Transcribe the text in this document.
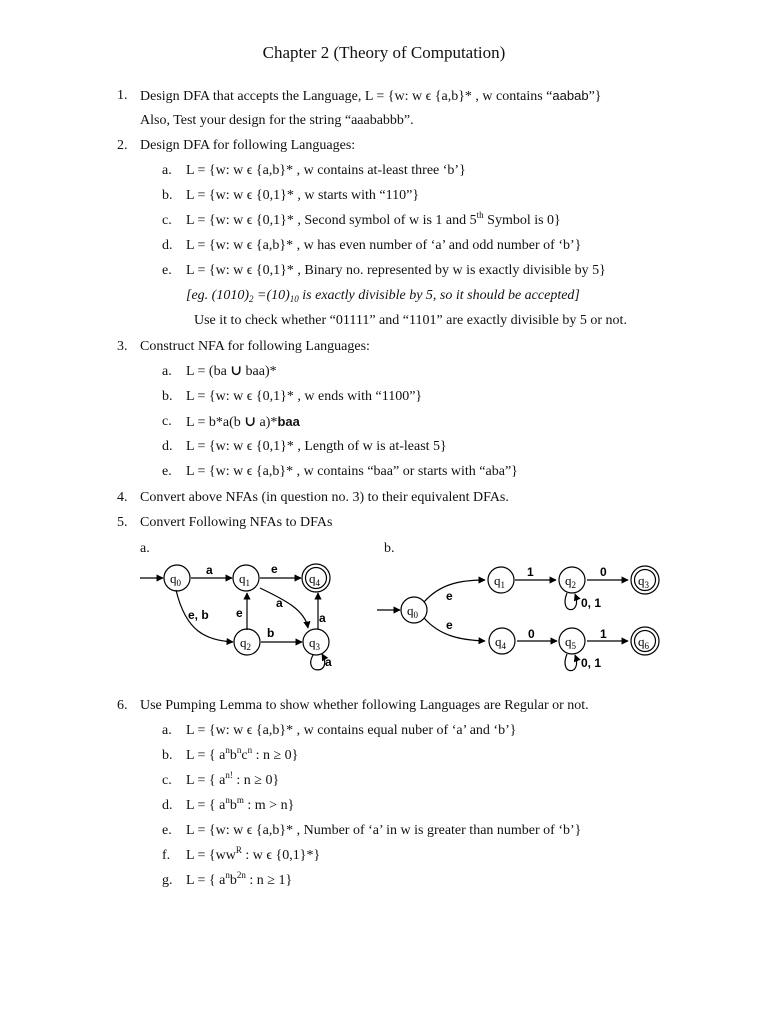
Chapter 2 (Theory of Computation)
1. Design DFA that accepts the Language, L = {w: w ϵ {a,b}* , w contains “aabab”}
Also, Test your design for the string “aaababbb”.
2. Design DFA for following Languages:
a. L = {w: w ϵ {a,b}* , w contains at-least three ‘b’}
b. L = {w: w ϵ {0,1}* , w starts with “110”}
c. L = {w: w ϵ {0,1}* , Second symbol of w is 1 and 5th Symbol is 0}
d. L = {w: w ϵ {a,b}* , w has even number of ‘a’ and odd number of ‘b’}
e. L = {w: w ϵ {0,1}* , Binary no. represented by w is exactly divisible by 5}
[eg. $(1010)_2 =(10)_{10}$ is exactly divisible by 5, so it should be accepted]
Use it to check whether “01111” and “1101” are exactly divisible by 5 or not.
3. Construct NFA for following Languages:
a. L = (ba ∪ baa)*
b. L = {w: w ϵ {0,1}* , w ends with “1100”}
c. L = b*a(b ∪ a)*baa
d. L = {w: w ϵ {0,1}* , Length of w is at-least 5}
e. L = {w: w ϵ {a,b}* , w contains “baa” or starts with “aba”}
4. Convert above NFAs (in question no. 3) to their equivalent DFAs.
5. Convert Following NFAs to DFAs
a.	b.
$q_0$	$q_1$	$q_4$
$q_2$	$q_3$
a	e
e, b e
a
b
a
a
$q_0$
$q_1$	$q_2$	$q_3$
$q_4$	$q_5$	$q_6$
e
e
1	0
0, 1
0	1
0, 1
6. Use Pumping Lemma to show whether following Languages are Regular or not.
a. L = {w: w ϵ {a,b}* , w contains equal nuber of ‘a’ and ‘b’}
b. L = { $a^nb^nc^n$ : n ≥ 0}
c. L = { $a^{n!}$ : n ≥ 0}
d. L = { $a^nb^m$ : m > n}
e. L = {w: w ϵ {a,b}* , Number of ‘a’ in w is greater than number of ‘b’}
f. $L = \{ww^R$ : w ϵ {0,1}*}
g. L = { $a^nb^{2n}$ : n ≥ 1}
